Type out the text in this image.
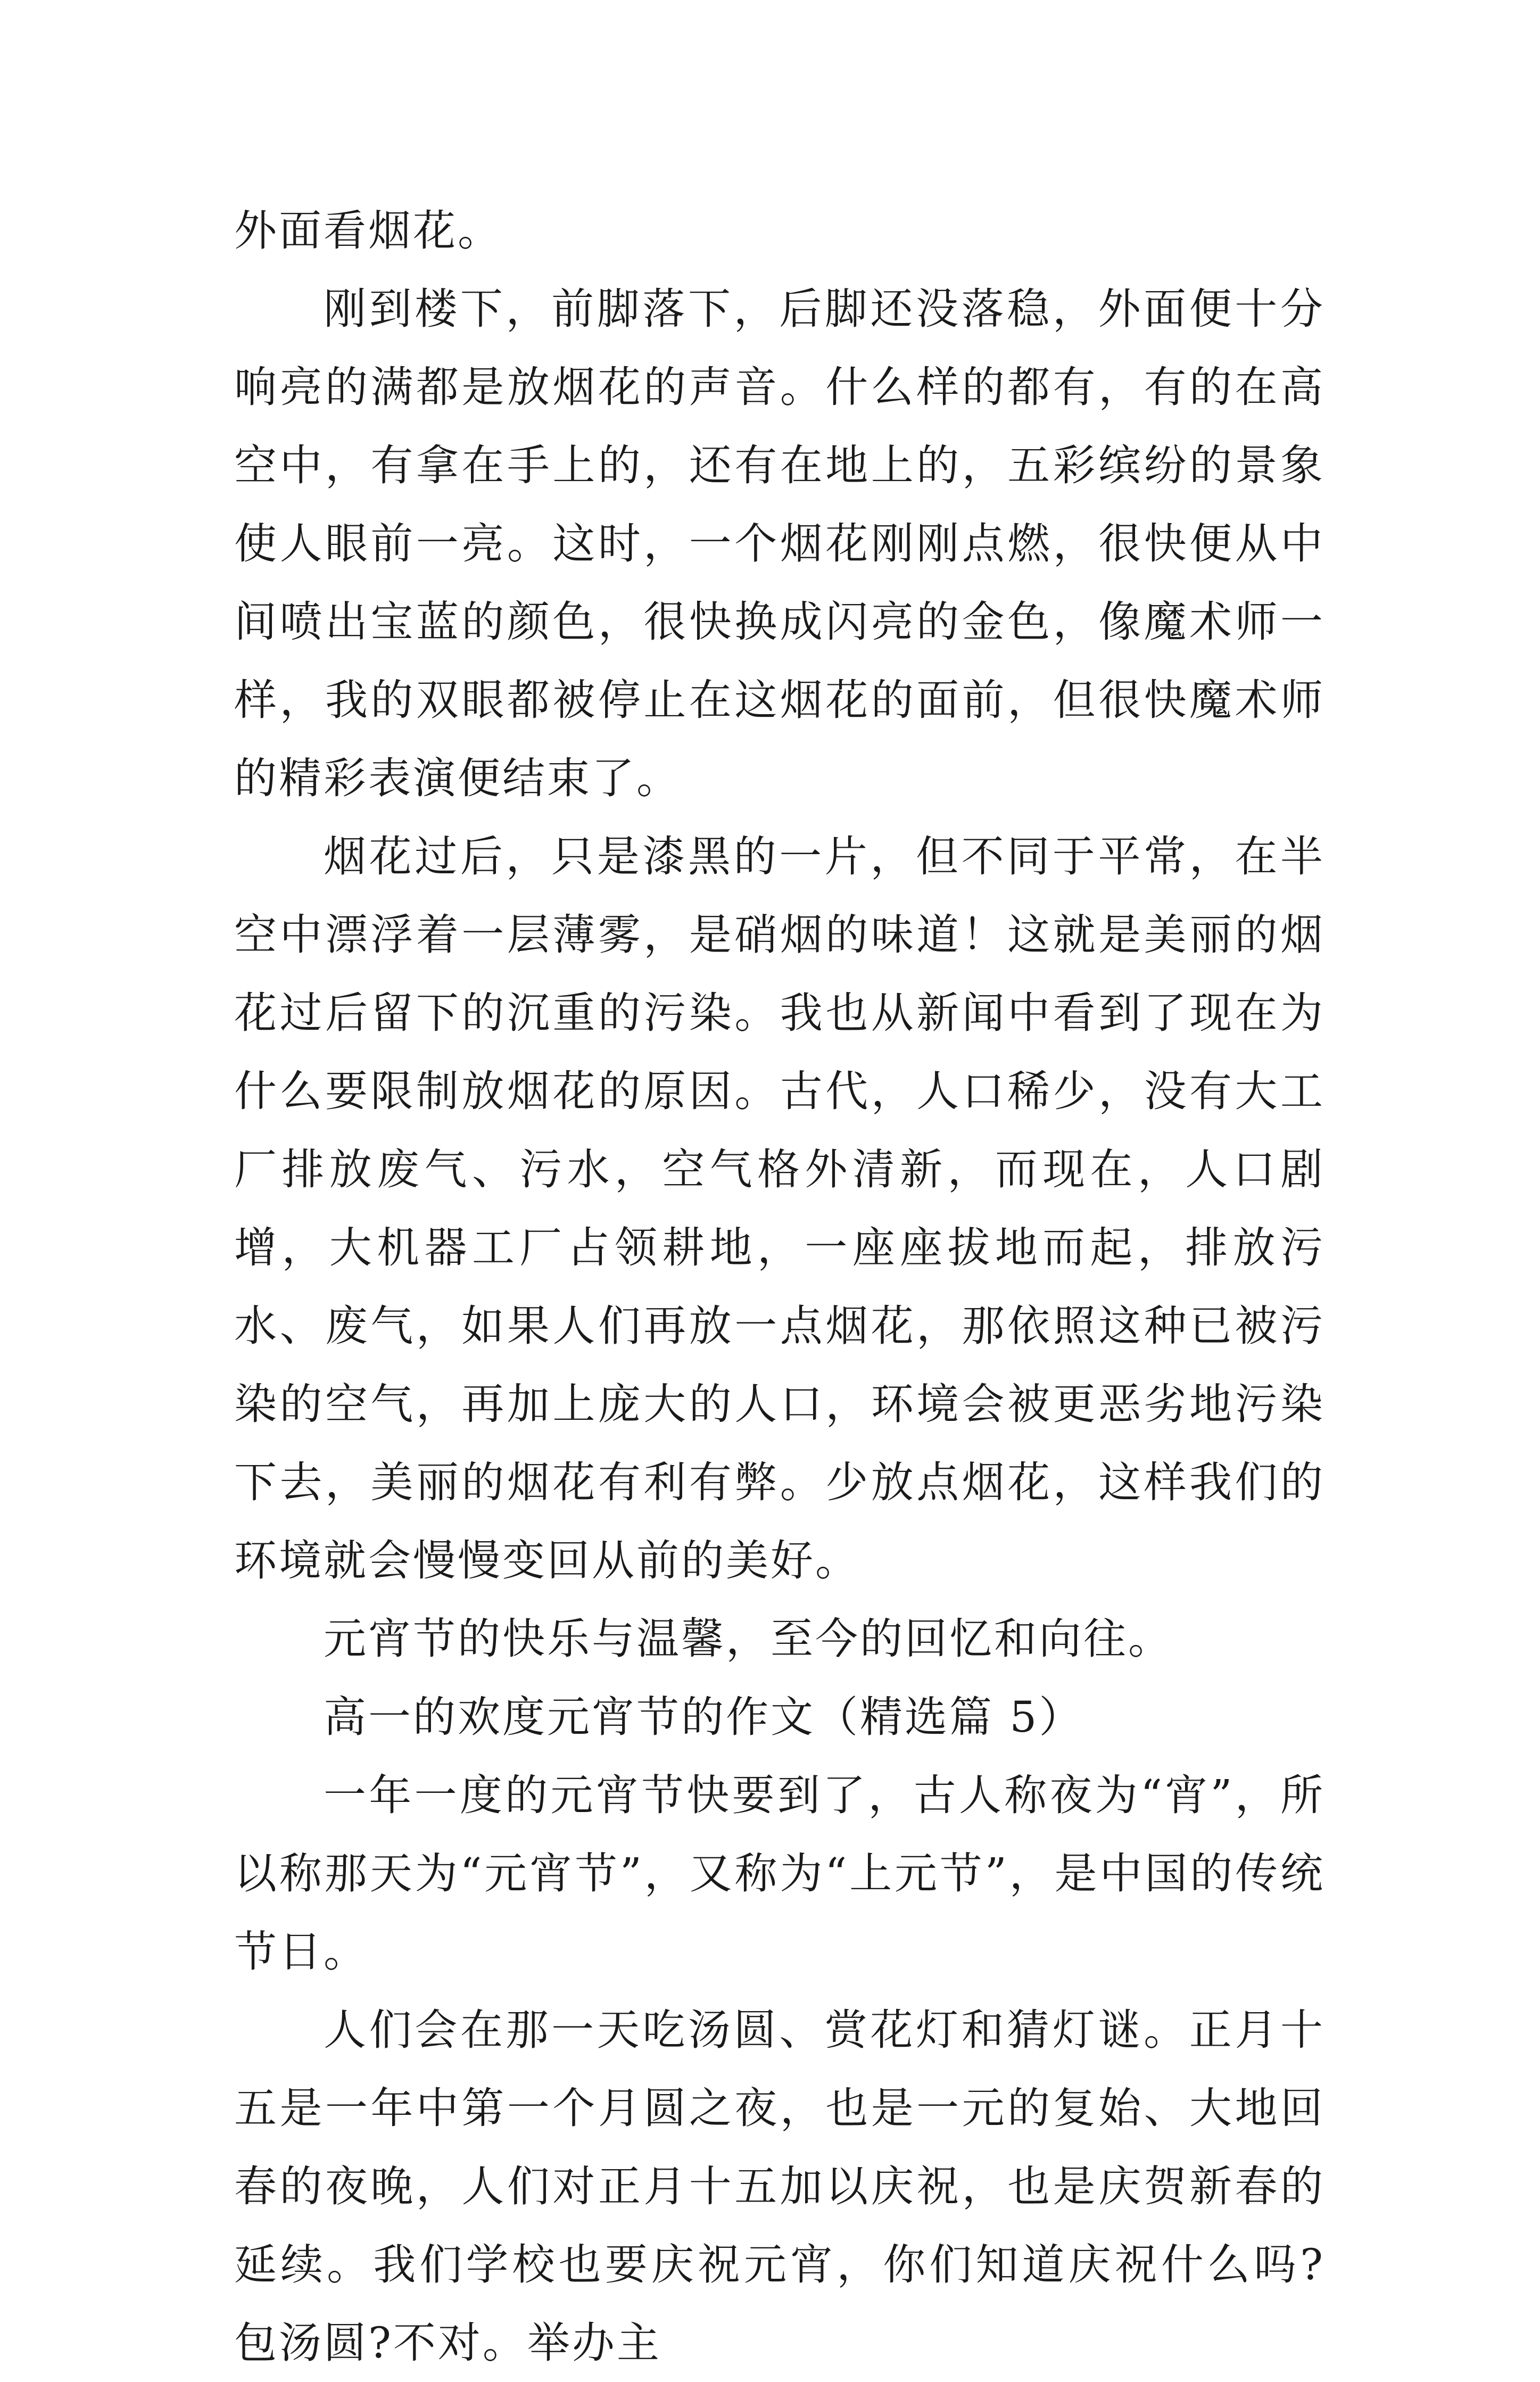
外面看烟花。

刚到楼下，前脚落下，后脚还没落稳，外面便十分响亮的满都是放烟花的声音。什么样的都有，有的在高空中，有拿在手上的，还有在地上的，五彩缤纷的景象使人眼前一亮。这时，一个烟花刚刚点燃，很快便从中间喷出宝蓝的颜色，很快换成闪亮的金色，像魔术师一样，我的双眼都被停止在这烟花的面前，但很快魔术师的精彩表演便结束了。

烟花过后，只是漆黑的一片，但不同于平常，在半空中漂浮着一层薄雾，是硝烟的味道！这就是美丽的烟花过后留下的沉重的污染。我也从新闻中看到了现在为什么要限制放烟花的原因。古代，人口稀少，没有大工厂排放废气、污水，空气格外清新，而现在，人口剧增，大机器工厂占领耕地，一座座拔地而起，排放污水、废气，如果人们再放一点烟花，那依照这种已被污染的空气，再加上庞大的人口，环境会被更恶劣地污染下去，美丽的烟花有利有弊。少放点烟花，这样我们的环境就会慢慢变回从前的美好。

元宵节的快乐与温馨，至今的回忆和向往。

高一的欢度元宵节的作文（精选篇 5）

一年一度的元宵节快要到了，古人称夜为“宵”，所以称那天为“元宵节”，又称为“上元节”，是中国的传统节日。

人们会在那一天吃汤圆、赏花灯和猜灯谜。正月十五是一年中第一个月圆之夜，也是一元的复始、大地回春的夜晚，人们对正月十五加以庆祝，也是庆贺新春的延续。我们学校也要庆祝元宵，你们知道庆祝什么吗?包汤圆?不对。举办主
